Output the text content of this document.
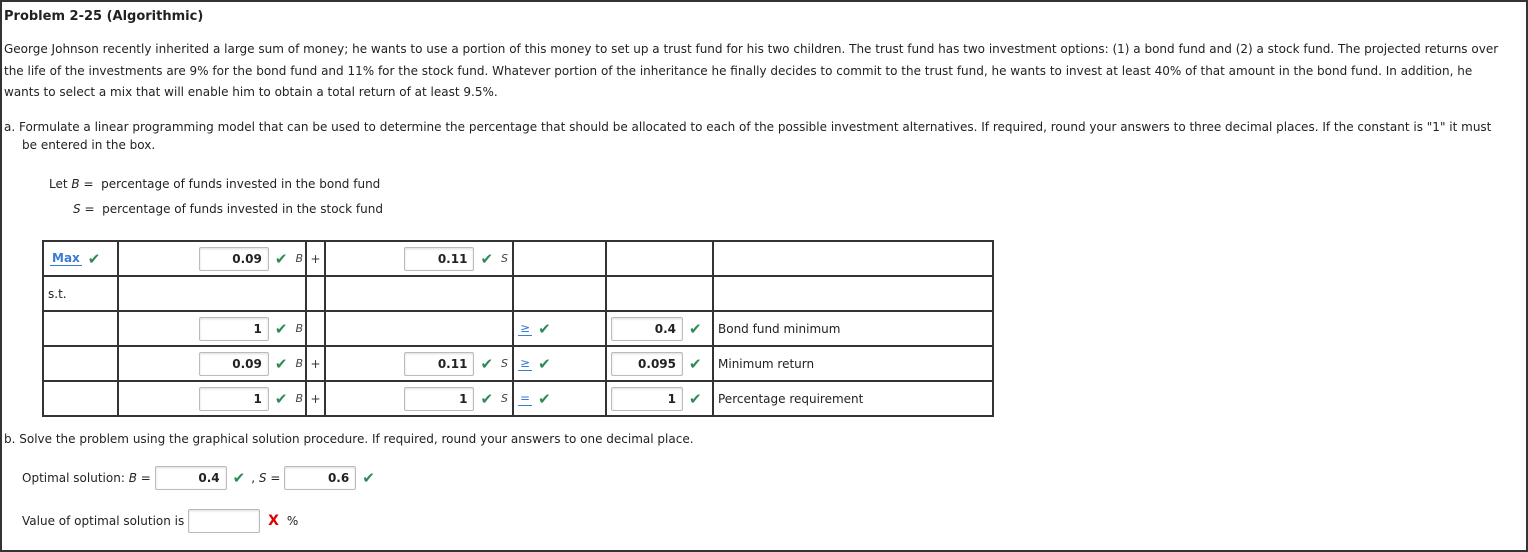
Problem 2-25 (Algorithmic)
George Johnson recently inherited a large sum of money; he wants to use a portion of this money to set up a trust fund for his two children. The trust fund has two investment options: (1) a bond fund and (2) a stock fund. The projected returns over
the life of the investments are 9% for the bond fund and 11% for the stock fund. Whatever portion of the inheritance he finally decides to commit to the trust fund, he wants to invest at least 40% of that amount in the bond fund. In addition, he
wants to select a mix that will enable him to obtain a total return of at least 9.5%.
a. Formulate a linear programming model that can be used to determine the percentage that should be allocated to each of the possible investment alternatives. If required, round your answers to three decimal places. If the constant is "1" it must
be entered in the box.
Let B = percentage of funds invested in the bond fund
S = percentage of funds invested in the stock fund
Max ✔	0.09 ✔ B	+	0.11 ✔ S			

s.t.						

	1 ✔ B			≥ ✔	0.4 ✔	Bond fund minimum

	0.09 ✔ B	+	0.11 ✔ S	≥ ✔	0.095 ✔	Minimum return

	1 ✔ B	+	1 ✔ S	= ✔	1 ✔	Percentage requirement
b. Solve the problem using the graphical solution procedure. If required, round your answers to one decimal place.
Optimal solution:
B
=
	0.4 ✔ ,
S
=
	0.6 ✔
Value of optimal solution is
	X %
